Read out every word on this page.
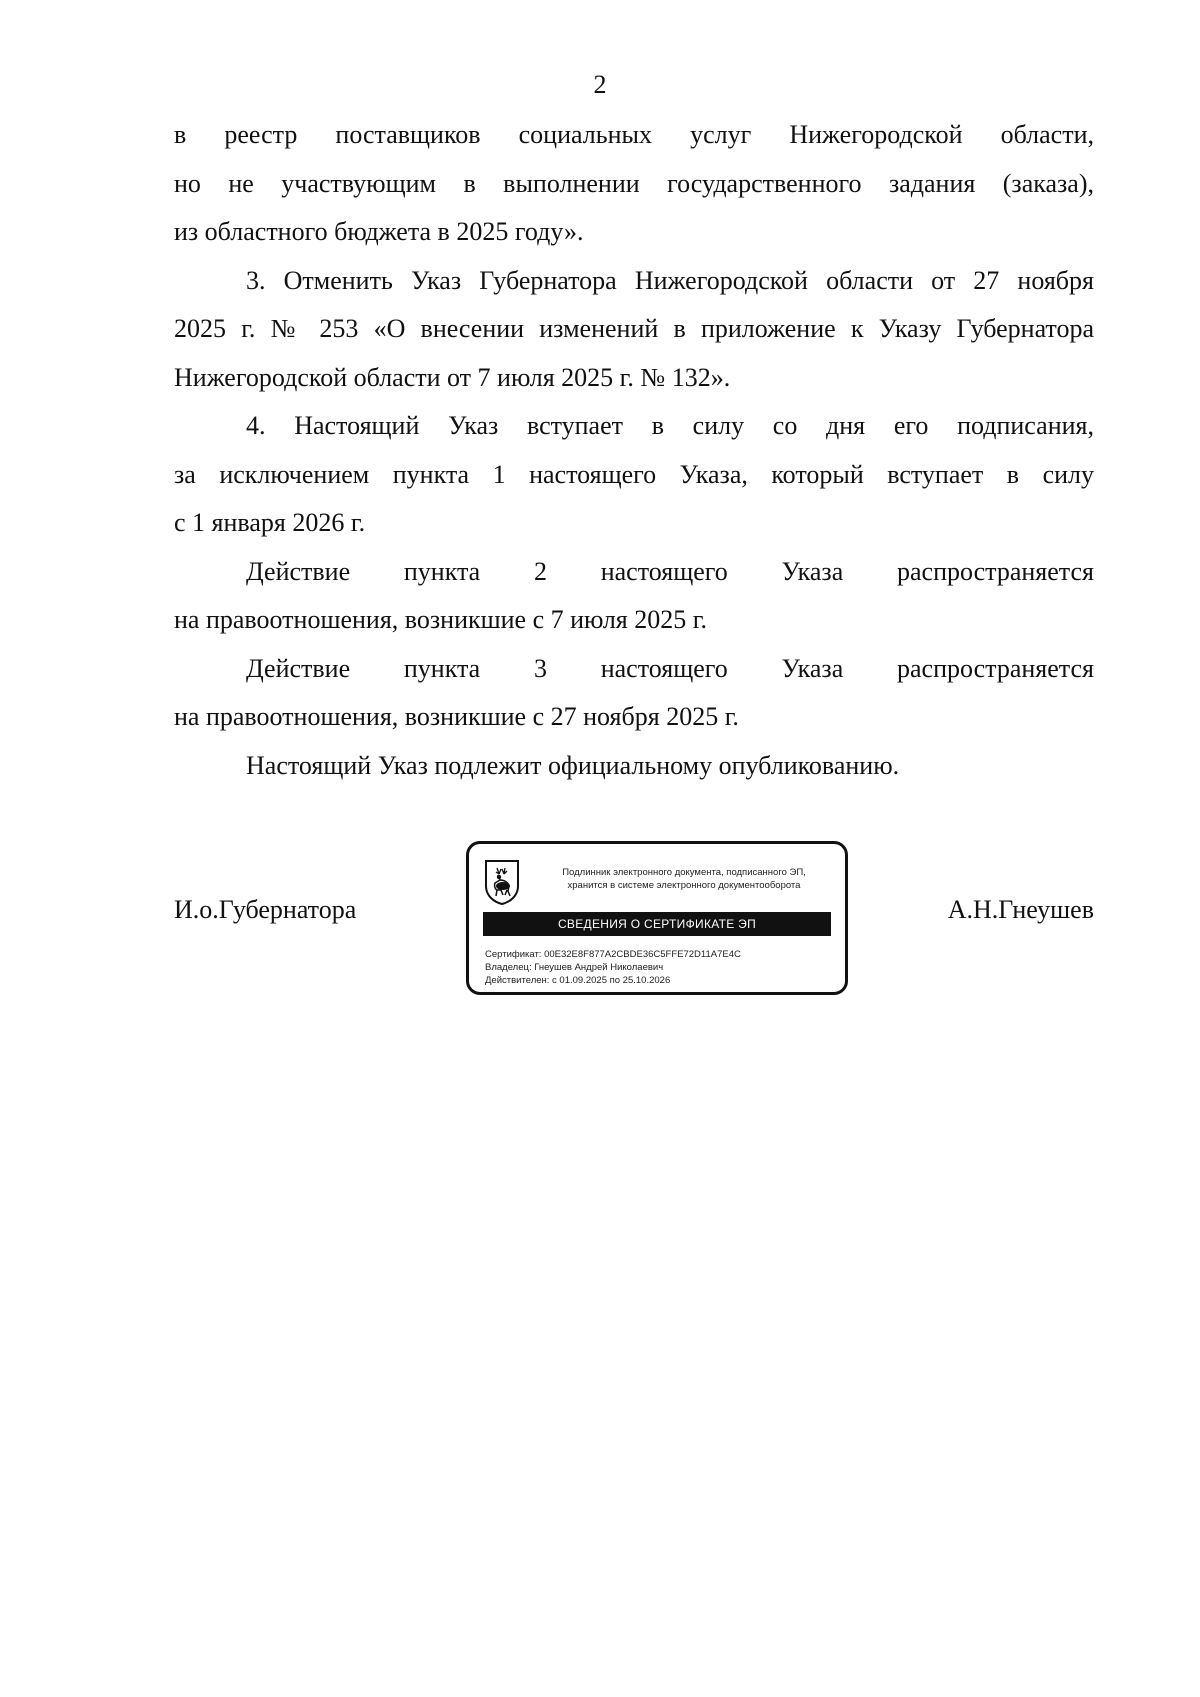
2

в реестр поставщиков социальных услуг Нижегородской области,

но не участвующим в выполнении государственного задания (заказа),

из областного бюджета в 2025 году».

3. Отменить Указ Губернатора Нижегородской области от 27 ноября

2025 г. № 253 «О внесении изменений в приложение к Указу Губернатора

Нижегородской области от 7 июля 2025 г. № 132».

4. Настоящий Указ вступает в силу со дня его подписания,

за исключением пункта 1 настоящего Указа, который вступает в силу

с 1 января 2026 г.

Действие пункта 2 настоящего Указа распространяется

на правоотношения, возникшие с 7 июля 2025 г.

Действие пункта 3 настоящего Указа распространяется

на правоотношения, возникшие с 27 ноября 2025 г.

Настоящий Указ подлежит официальному опубликованию.

И.о.Губернатора	А.Н.Гнеушев
Подлинник электронного документа, подписанного ЭП,
хранится в системе электронного документооборота
СВЕДЕНИЯ О СЕРТИФИКАТЕ ЭП
Сертификат: 00E32E8F877A2CBDE36C5FFE72D11A7E4C
Владелец: Гнеушев Андрей Николаевич
Действителен: с 01.09.2025 по 25.10.2026
